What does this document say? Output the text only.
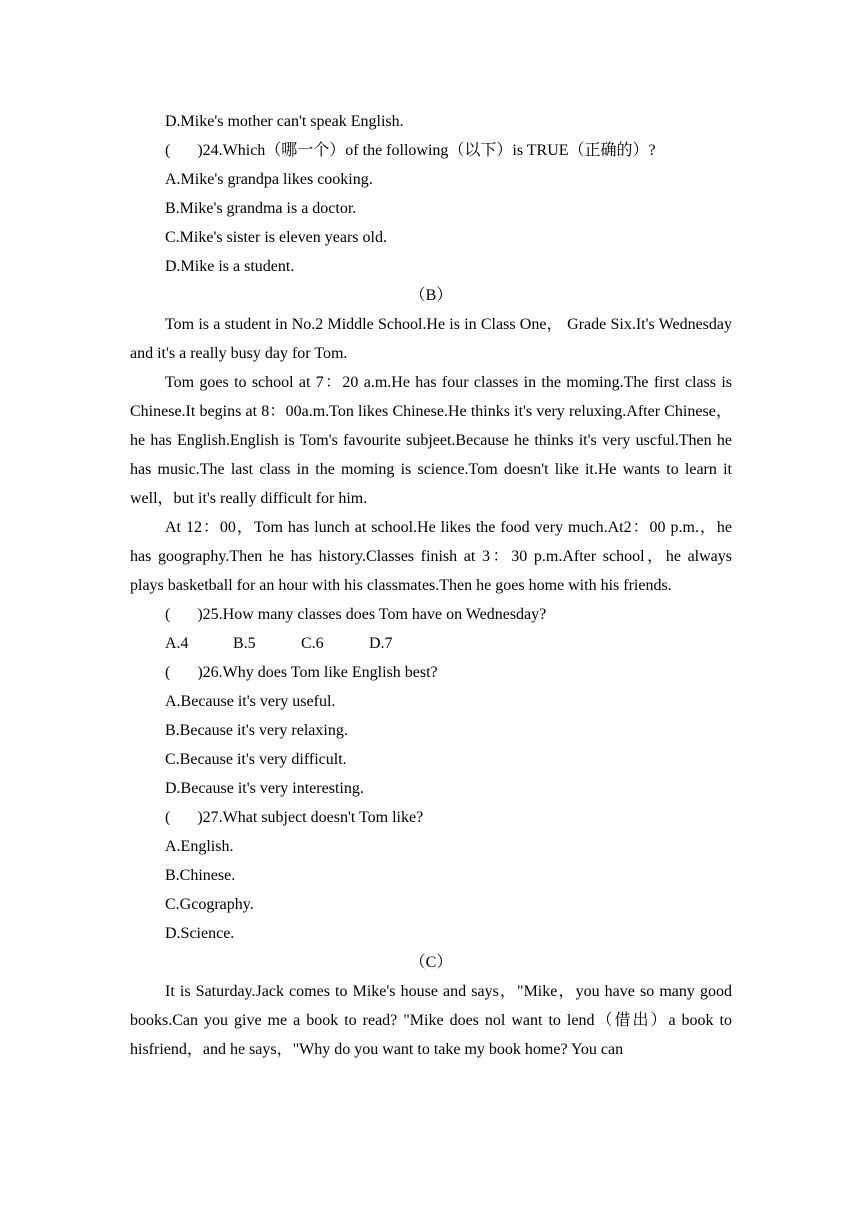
D.Mike's mother can't speak English.

( )24.Which（哪一个）of the following（以下）is TRUE（正确的）?

A.Mike's grandpa likes cooking.

B.Mike's grandma is a doctor.

C.Mike's sister is eleven years old.

D.Mike is a student.

（B）

Tom is a student in No.2 Middle School.He is in Class One， Grade Six.It's Wednesday and it's a really busy day for Tom.

Tom goes to school at 7：20 a.m.He has four classes in the moming.The first class is Chinese.It begins at 8：00a.m.Ton likes Chinese.He thinks it's very reluxing.After Chinese，he has English.English is Tom's favourite subjeet.Because he thinks it's very uscful.Then he has music.The last class in the moming is science.Tom doesn't like it.He wants to learn it well，but it's really difficult for him.

At 12：00，Tom has lunch at school.He likes the food very much.At2：00 p.m.，he has goography.Then he has history.Classes finish at 3：30 p.m.After school，he always plays basketball for an hour with his classmates.Then he goes home with his friends.

( )25.How many classes does Tom have on Wednesday?

A.4	B.5	C.6	D.7

( )26.Why does Tom like English best?

A.Because it's very useful.

B.Because it's very relaxing.

C.Because it's very difficult.

D.Because it's very interesting.

( )27.What subject doesn't Tom like?

A.English.

B.Chinese.

C.Gcography.

D.Science.

（C）

It is Saturday.Jack comes to Mike's house and says，"Mike，you have so many good books.Can you give me a book to read? "Mike does nol want to lend（借出）a book to hisfriend，and he says，"Why do you want to take my book home? You can
